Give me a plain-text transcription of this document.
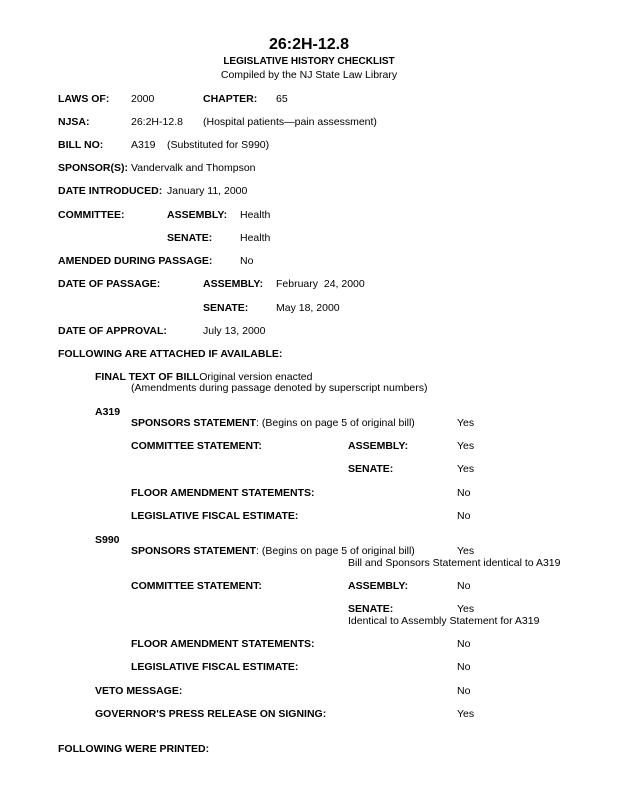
26:2H-12.8
LEGISLATIVE HISTORY CHECKLIST
Compiled by the NJ State Law Library
LAWS OF: 2000	CHAPTER: 65
NJSA:	26:2H-12.8 (Hospital patients—pain assessment)
BILL NO:	A319 (Substituted for S990)
SPONSOR(S): Vandervalk and Thompson
DATE INTRODUCED: January 11, 2000
COMMITTEE:	ASSEMBLY: Health
SENATE:	Health
AMENDED DURING PASSAGE:	No
DATE OF PASSAGE:	ASSEMBLY: February  24, 2000
SENATE:	May 18, 2000
DATE OF APPROVAL:	July 13, 2000
FOLLOWING ARE ATTACHED IF AVAILABLE:
FINAL TEXT OF BILLOriginal version enacted
(Amendments during passage denoted by superscript numbers)
A319
SPONSORS STATEMENT: (Begins on page 5 of original bill)	Yes
COMMITTEE STATEMENT:	ASSEMBLY:	Yes
SENATE:	Yes
FLOOR AMENDMENT STATEMENTS:	No
LEGISLATIVE FISCAL ESTIMATE:	No
S990
SPONSORS STATEMENT: (Begins on page 5 of original bill)	Yes
Bill and Sponsors Statement identical to A319
COMMITTEE STATEMENT:	ASSEMBLY:	No
SENATE:	Yes
Identical to Assembly Statement for A319
FLOOR AMENDMENT STATEMENTS:	No
LEGISLATIVE FISCAL ESTIMATE:	No
VETO MESSAGE:	No
GOVERNOR'S PRESS RELEASE ON SIGNING:	Yes
FOLLOWING WERE PRINTED:
